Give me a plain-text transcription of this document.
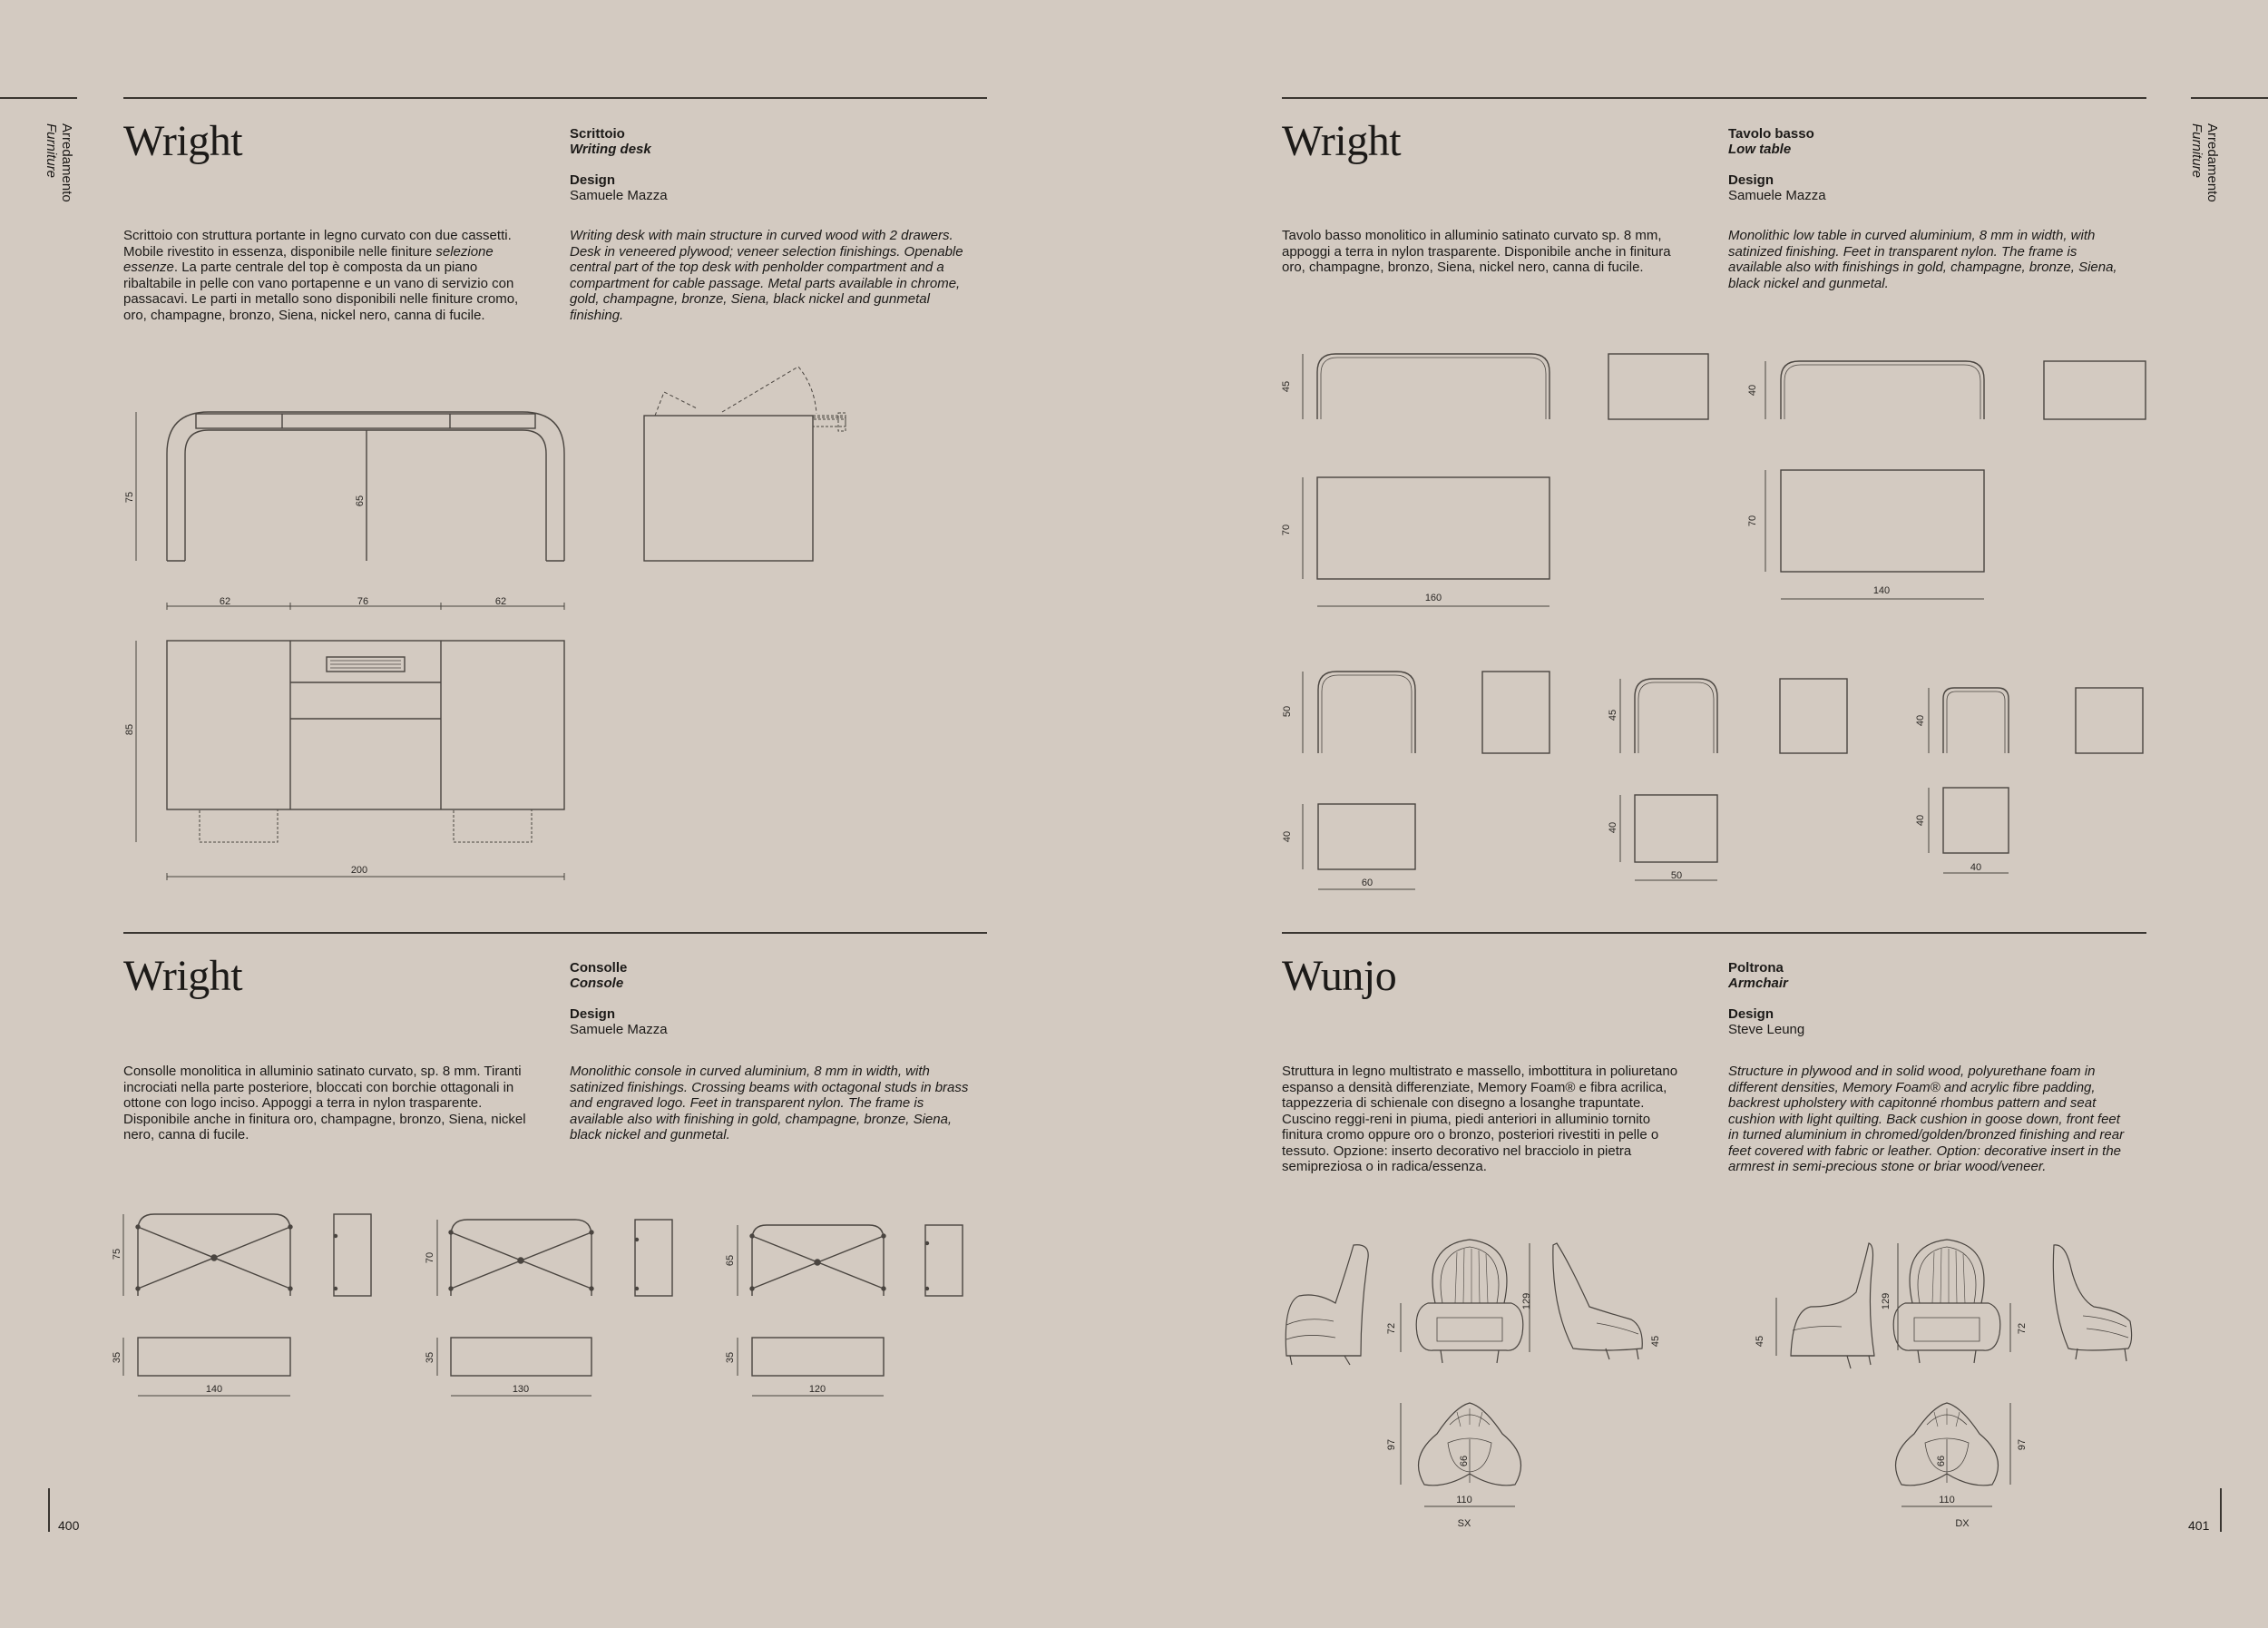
Arredamento
Furniture	Arredamento
Furniture
400	401
Wright	Scrittoio
Writing desk
Design
Samuele Mazza
Scrittoio con struttura portante in legno curvato con due cassetti. Mobile rivestito in essenza, disponibile nelle finiture selezione essenze. La parte centrale del top è composta da un piano ribaltabile in pelle con vano portapenne e un vano di servizio con passacavi. Le parti in metallo sono disponibili nelle finiture cromo, oro, champagne, bronzo, Siena, nickel nero, canna di fucile.
Writing desk with main structure in curved wood with 2 drawers. Desk in veneered plywood; veneer selection finishings. Openable central part of the top desk with penholder compartment and a compartment for cable passage. Metal parts available in chrome, gold, champagne, bronze, Siena, black nickel and gunmetal finishing.
Wright	Tavolo basso
Low table
Design
Samuele Mazza
Tavolo basso monolitico in alluminio satinato curvato sp. 8 mm, appoggi a terra in nylon trasparente. Disponibile anche in finitura oro, champagne, bronzo, Siena, nickel nero, canna di fucile.
Monolithic low table in curved aluminium, 8 mm in width, with satinized finishing. Feet in transparent nylon. The frame is available also with finishings in gold, champagne, bronze, Siena, black nickel and gunmetal.
Wright	Consolle
Console
Design
Samuele Mazza
Consolle monolitica in alluminio satinato curvato, sp. 8 mm. Tiranti incrociati nella parte posteriore, bloccati con borchie ottagonali in ottone con logo inciso. Appoggi a terra in nylon trasparente. Disponibile anche in finitura oro, champagne, bronzo, Siena, nickel nero, canna di fucile.
Monolithic console in curved aluminium, 8 mm in width, with satinized finishings. Crossing beams with octagonal studs in brass and engraved logo. Feet in transparent nylon. The frame is available also with finishing in gold, champagne, bronze, Siena, black nickel and gunmetal.
Wunjo	Poltrona
Armchair
Design
Steve Leung
Struttura in legno multistrato e massello, imbottitura in poliuretano espanso a densità differenziate, Memory Foam® e fibra acrilica, tappezzeria di schienale con disegno a losanghe trapuntate. Cuscino reggi-reni in piuma, piedi anteriori in alluminio tornito finitura cromo oppure oro o bronzo, posteriori rivestiti in pelle o tessuto. Opzione: inserto decorativo nel bracciolo in pietra semipreziosa o in radica/essenza.
Structure in plywood and in solid wood, polyurethane foam in different densities, Memory Foam® and acrylic fibre padding, backrest upholstery with capitonné rhombus pattern and seat cushion with light quilting. Back cushion in goose down, front feet in turned aluminium in chromed/golden/bronzed finishing and rear feet covered with fabric or leather. Option: decorative insert in the armrest in semi-precious stone or briar wood/veneer.
75	65
62	76	62
85
200
45
70
160
40
70
140
50
40
60
45
40
50
40
40
40
75
35
140
70
35
130
65
35
120
72
129
45
97
66
110
SX
45
129
72
97
66
110
DX
